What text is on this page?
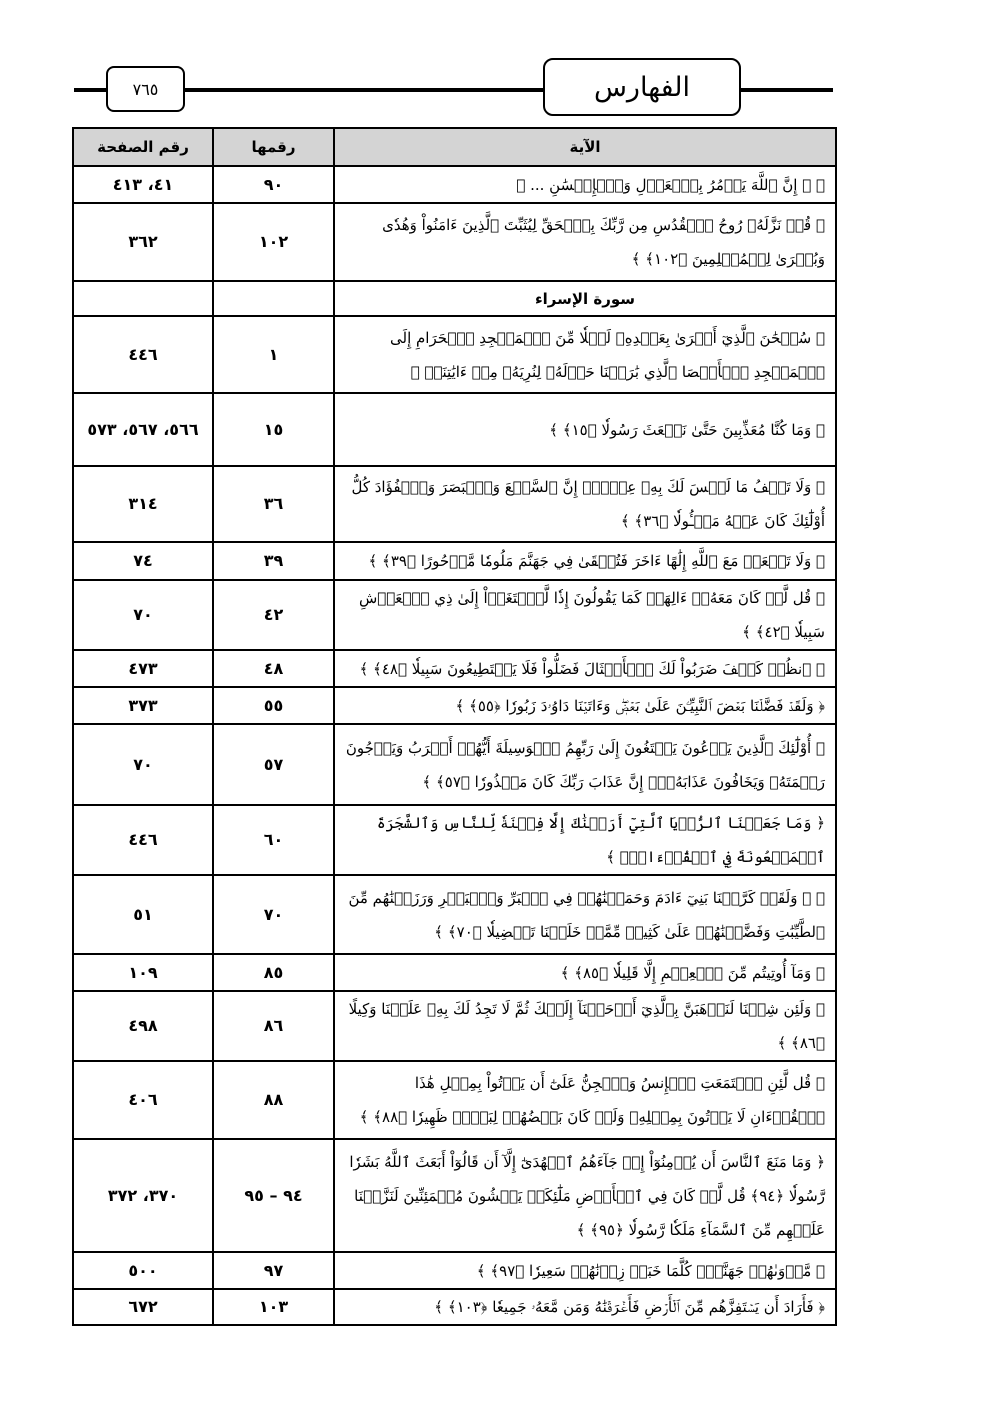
٧٦٥	الفهارس
الآية	رقمها	رقم الصفحة
﴿ ۞ إِنَّ ٱللَّهَ يَأۡمُرُ بِٱلۡعَدۡلِ وَٱلۡإِحۡسَٰنِ ... ﴾	٩٠	٤١، ٤١٣
﴿ قُلۡ نَزَّلَهُۥ رُوحُ ٱلۡقُدُسِ مِن رَّبِّكَ بِٱلۡحَقِّ لِيُثَبِّتَ ٱلَّذِينَ ءَامَنُواْ وَهُدٗى وَبُشۡرَىٰ لِلۡمُسۡلِمِينَ ﴿١٠٢﴾ ﴾	١٠٢	٣٦٢
سورة الإسراء		
﴿ سُبۡحَٰنَ ٱلَّذِيٓ أَسۡرَىٰ بِعَبۡدِهِۦ لَيۡلٗا مِّنَ ٱلۡمَسۡجِدِ ٱلۡحَرَامِ إِلَى ٱلۡمَسۡجِدِ ٱلۡأَقۡصَا ٱلَّذِي بَٰرَكۡنَا حَوۡلَهُۥ لِنُرِيَهُۥ مِنۡ ءَايَٰتِنَآۚ ﴾	١	٤٤٦
﴿ وَمَا كُنَّا مُعَذِّبِينَ حَتَّىٰ نَبۡعَثَ رَسُولٗا ﴿١٥﴾ ﴾	١٥	٥٦٦، ٥٦٧، ٥٧٣
﴿ وَلَا تَقۡفُ مَا لَيۡسَ لَكَ بِهِۦ عِلۡمٌۚ إِنَّ ٱلسَّمۡعَ وَٱلۡبَصَرَ وَٱلۡفُؤَادَ كُلُّ أُوْلَٰٓئِكَ كَانَ عَنۡهُ مَسۡـُٔولٗا ﴿٣٦﴾ ﴾	٣٦	٣١٤
﴿ وَلَا تَجۡعَلۡ مَعَ ٱللَّهِ إِلَٰهًا ءَاخَرَ فَتُلۡقَىٰ فِي جَهَنَّمَ مَلُومٗا مَّدۡحُورًا ﴿٣٩﴾ ﴾	٣٩	٧٤
﴿ قُل لَّوۡ كَانَ مَعَهُۥٓ ءَالِهَةٞ كَمَا يَقُولُونَ إِذٗا لَّٱبۡتَغَوۡاْ إِلَىٰ ذِي ٱلۡعَرۡشِ سَبِيلٗا ﴿٤٢﴾ ﴾	٤٢	٧٠
﴿ ٱنظُرۡ كَيۡفَ ضَرَبُواْ لَكَ ٱلۡأَمۡثَالَ فَضَلُّواْ فَلَا يَسۡتَطِيعُونَ سَبِيلٗا ﴿٤٨﴾ ﴾	٤٨	٤٧٣
﴿ وَلَقَدۡ فَضَّلۡنَا بَعۡضَ ٱلنَّبِيِّـۧنَ عَلَىٰ بَعۡضٖۖ وَءَاتَيۡنَا دَاوُۥدَ زَبُورٗا ﴿٥٥﴾ ﴾	٥٥	٣٧٣
﴿ أُوْلَٰٓئِكَ ٱلَّذِينَ يَدۡعُونَ يَبۡتَغُونَ إِلَىٰ رَبِّهِمُ ٱلۡوَسِيلَةَ أَيُّهُمۡ أَقۡرَبُ وَيَرۡجُونَ رَحۡمَتَهُۥ وَيَخَافُونَ عَذَابَهُۥٓۚ إِنَّ عَذَابَ رَبِّكَ كَانَ مَحۡذُورٗا ﴿٥٧﴾ ﴾	٥٧	٧٠
﴿ وَمَا جَعَلۡنَا ٱلرُّءۡيَا ٱلَّتِيٓ أَرَيۡنَٰكَ إِلَّا فِتۡنَةٗ لِّلنَّاسِ وَٱلشَّجَرَةَ ٱلۡمَلۡعُونَةَ فِي ٱلۡقُرۡءَانِۚ ﴾	٦٠	٤٤٦
﴿ ۞ وَلَقَدۡ كَرَّمۡنَا بَنِيٓ ءَادَمَ وَحَمَلۡنَٰهُمۡ فِي ٱلۡبَرِّ وَٱلۡبَحۡرِ وَرَزَقۡنَٰهُم مِّنَ ٱلطَّيِّبَٰتِ وَفَضَّلۡنَٰهُمۡ عَلَىٰ كَثِيرٖ مِّمَّنۡ خَلَقۡنَا تَفۡضِيلٗا ﴿٧٠﴾ ﴾	٧٠	٥١
﴿ وَمَآ أُوتِيتُم مِّنَ ٱلۡعِلۡمِ إِلَّا قَلِيلٗا ﴿٨٥﴾ ﴾	٨٥	١٠٩
﴿ وَلَئِن شِئۡنَا لَنَذۡهَبَنَّ بِٱلَّذِيٓ أَوۡحَيۡنَآ إِلَيۡكَ ثُمَّ لَا تَجِدُ لَكَ بِهِۦ عَلَيۡنَا وَكِيلًا ﴿٨٦﴾ ﴾	٨٦	٤٩٨
﴿ قُل لَّئِنِ ٱجۡتَمَعَتِ ٱلۡإِنسُ وَٱلۡجِنُّ عَلَىٰٓ أَن يَأۡتُواْ بِمِثۡلِ هَٰذَا ٱلۡقُرۡءَانِ لَا يَأۡتُونَ بِمِثۡلِهِۦ وَلَوۡ كَانَ بَعۡضُهُمۡ لِبَعۡضٖ ظَهِيرٗا ﴿٨٨﴾ ﴾	٨٨	٤٠٦
﴿ وَمَا مَنَعَ ٱلنَّاسَ أَن يُؤۡمِنُوٓاْ إِذۡ جَآءَهُمُ ٱلۡهُدَىٰٓ إِلَّآ أَن قَالُوٓاْ أَبَعَثَ ٱللَّهُ بَشَرٗا رَّسُولٗا ﴿٩٤﴾ قُل لَّوۡ كَانَ فِي ٱلۡأَرۡضِ مَلَٰٓئِكَةٞ يَمۡشُونَ مُطۡمَئِنِّينَ لَنَزَّلۡنَا عَلَيۡهِم مِّنَ ٱلسَّمَآءِ مَلَكٗا رَّسُولٗا ﴿٩٥﴾ ﴾	٩٤ – ٩٥	٣٧٠، ٣٧٢
﴿ مَّأۡوَىٰهُمۡ جَهَنَّمُۖ كُلَّمَا خَبَتۡ زِدۡنَٰهُمۡ سَعِيرٗا ﴿٩٧﴾ ﴾	٩٧	٥٠٠
﴿ فَأَرَادَ أَن يَسۡتَفِزَّهُم مِّنَ ٱلۡأَرۡضِ فَأَغۡرَقۡنَٰهُ وَمَن مَّعَهُۥ جَمِيعٗا ﴿١٠٣﴾ ﴾	١٠٣	٦٧٢
